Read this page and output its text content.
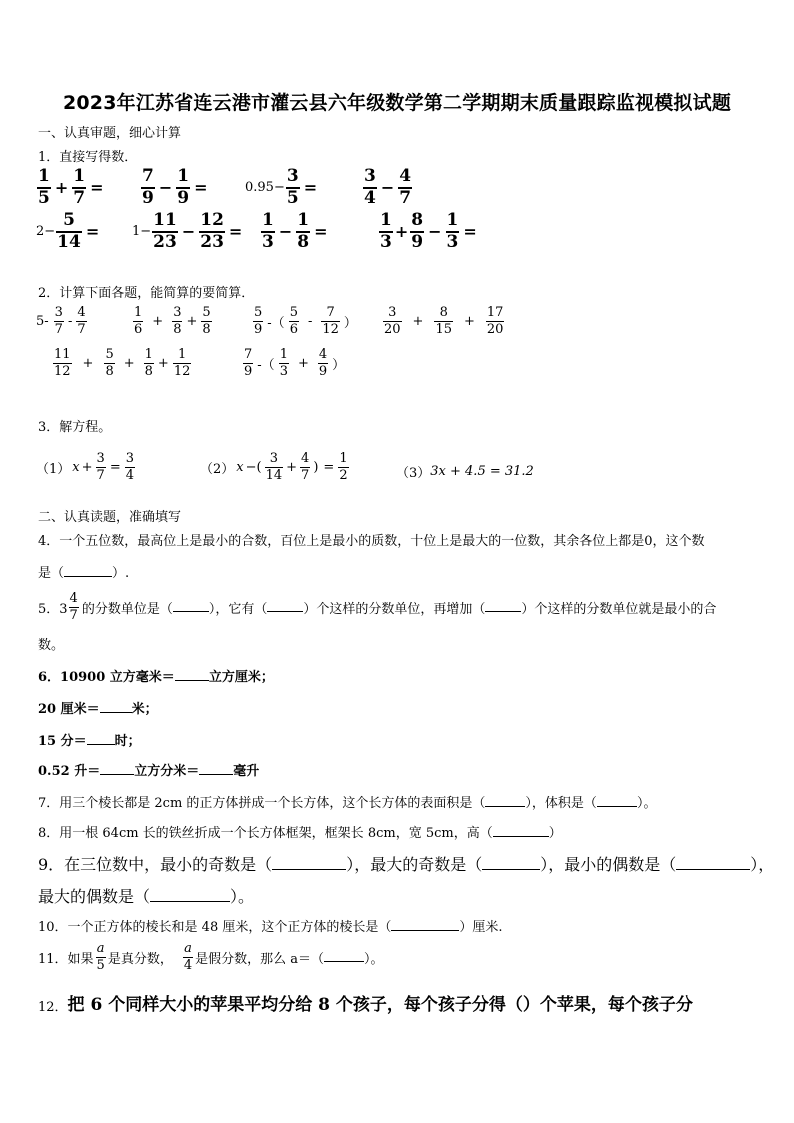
2023年江苏省连云港市灌云县六年级数学第二学期期末质量跟踪监视模拟试题
一、认真审题，细心计算
1．直接写得数．
1
$5 + \frac{1}{7}$ =
7
$9 - \frac{1}{9}$ =	$0.95- \frac{3}{5}$ =
3
$4 - \frac{4}{7}$
$2- \frac{5}{14}$ =	$1- \frac{11}{23} - \frac{12}{23}$ =
1
$3 - \frac{1}{8}$ =
1
$3 + \frac{8}{9} - \frac{1}{3}$ =
2．计算下面各题，能简算的要简算．
5-
3
7
-
4
7
1
6
+ $\frac{3}{8} + \frac{5}{8}$	5
9 -（
5
6
-
7
12 ）
3
20
+ $\frac{8}{15} + \frac{17}{20}$
11
12
+ $\frac{5}{8} + \frac{1}{8} + \frac{1}{12}$	7
9 -（
1
3
+ $\frac{4}{9}$ ）
3．解方程。
（1） $x + \frac{3}{7} = \frac{3}{4}$	（2） x −(
3
14
+ $\frac{4}{7}$ ) = $\frac{1}{2}$	（3） 3x + 4.5 = 31.2
二、认真读题，准确填写
4．一个五位数，最高位上是最小的合数，百位上是最小的质数，十位上是最大的一位数，其余各位上都是0，这个数
是（	）.
5．3
4
7 的分数单位是（	），它有（	）个这样的分数单位，再增加（	）个这样的分数单位就是最小的合
数。
6．10900 立方毫米＝	立方厘米；
20 厘米＝ 米；
15 分＝ 时；
0.52 升＝	立方分米＝	毫升
7．用三个棱长都是 2cm 的正方体拼成一个长方体，这个长方体的表面积是（	），体积是（	）。
8．用一根 64cm 长的铁丝折成一个长方体框架，框架长 8cm，宽 5cm，高（	）
9．在三位数中，最小的奇数是（	），最大的奇数是（	），最小的偶数是（	），
最大的偶数是（	）。
10．一个正方体的棱长和是 48 厘米，这个正方体的棱长是（	）厘米.
11．如果
a
5 是真分数，
a
4 是假分数，那么 a＝（	）。
12．把 6 个同样大小的苹果平均分给 8 个孩子，每个孩子分得（）个苹果，每个孩子分
